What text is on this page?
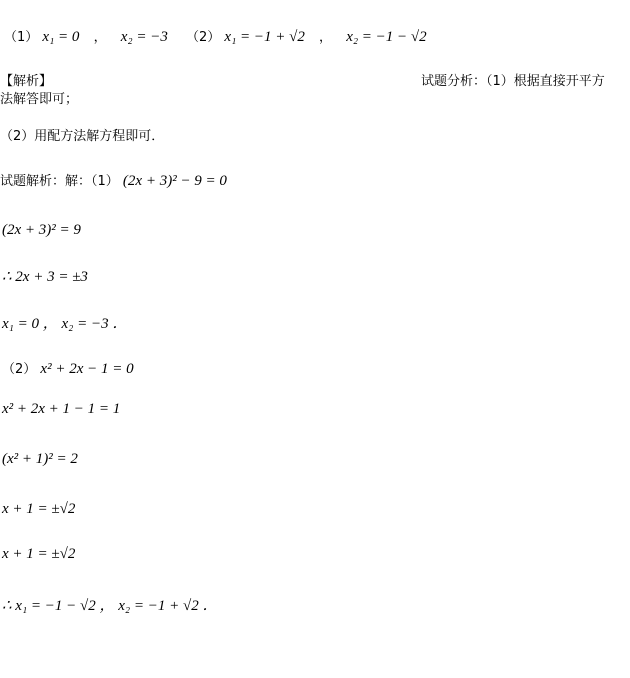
（1） x₁ = 0 ， x₂ = −3 （2） x₁ = −1 + √2 ， x₂ = −1 − √2
【解析】	试题分析：（1）根据直接开平方
法解答即可；
（2）用配方法解方程即可．
试题解析：解：（1） (2x + 3)² − 9 = 0
(2x + 3)² = 9
∴ 2x + 3 = ±3
x₁ = 0 ， x₂ = −3 ．
（2） x² + 2x − 1 = 0
x² + 2x + 1 − 1 = 1
(x² + 1)² = 2
x + 1 = ±√2
x + 1 = ±√2
∴ x₁ = −1 − √2 ， x₂ = −1 + √2 ．
